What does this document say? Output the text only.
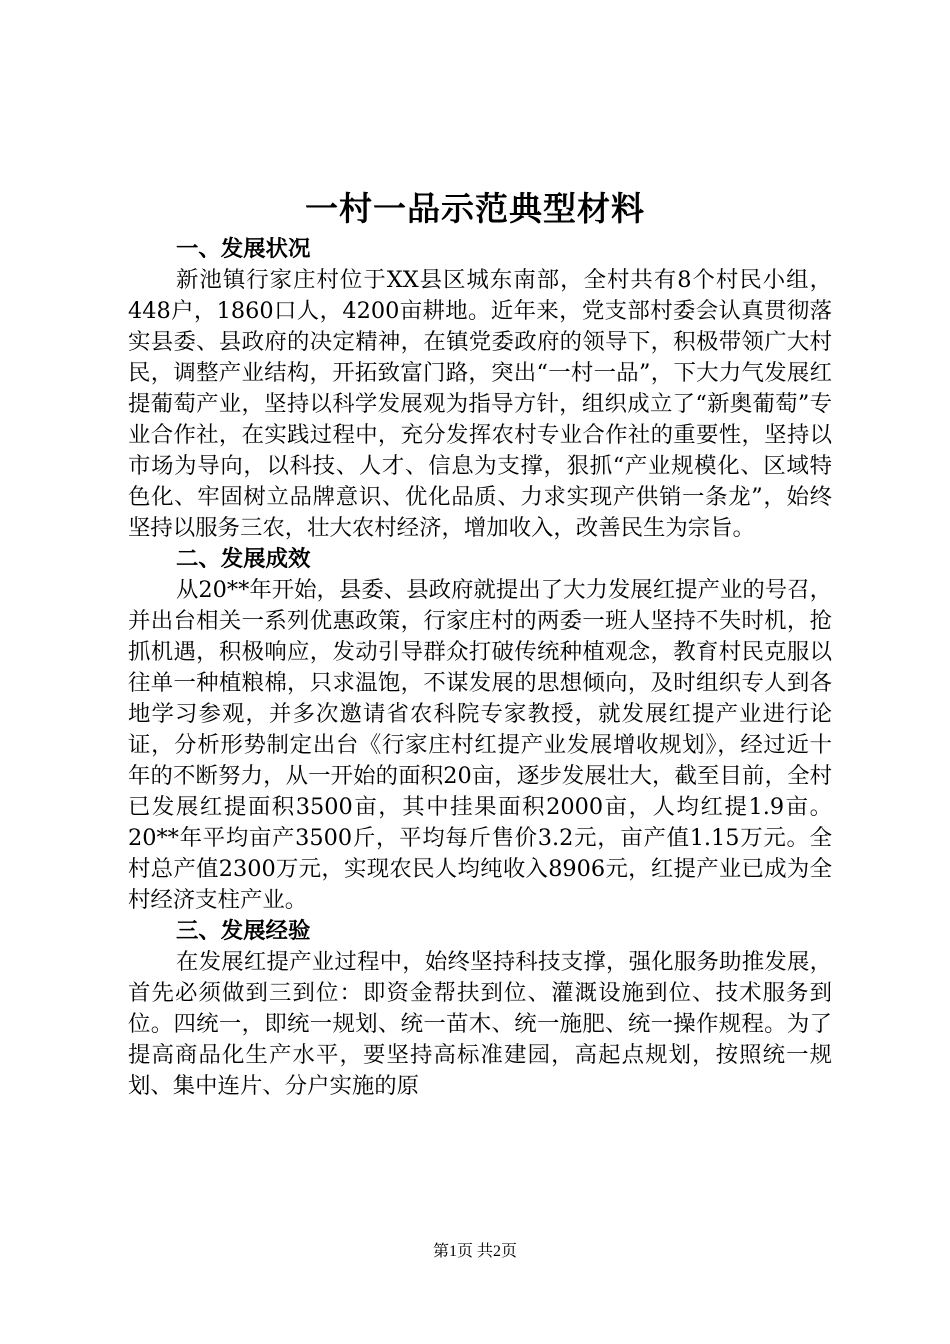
一村一品示范典型材料

一、发展状况

新池镇行家庄村位于XX县区城东南部，全村共有8个村民小组，448户，1860口人，4200亩耕地。近年来，党支部村委会认真贯彻落实县委、县政府的决定精神，在镇党委政府的领导下，积极带领广大村民，调整产业结构，开拓致富门路，突出“一村一品”，下大力气发展红提葡萄产业，坚持以科学发展观为指导方针，组织成立了“新奥葡萄”专业合作社，在实践过程中，充分发挥农村专业合作社的重要性，坚持以市场为导向，以科技、人才、信息为支撑，狠抓“产业规模化、区域特色化、牢固树立品牌意识、优化品质、力求实现产供销一条龙”，始终坚持以服务三农，壮大农村经济，增加收入，改善民生为宗旨。

二、发展成效

从20**年开始，县委、县政府就提出了大力发展红提产业的号召，并出台相关一系列优惠政策，行家庄村的两委一班人坚持不失时机，抢抓机遇，积极响应，发动引导群众打破传统种植观念，教育村民克服以往单一种植粮棉，只求温饱，不谋发展的思想倾向，及时组织专人到各地学习参观，并多次邀请省农科院专家教授，就发展红提产业进行论证，分析形势制定出台《行家庄村红提产业发展增收规划》，经过近十年的不断努力，从一开始的面积20亩，逐步发展壮大，截至目前，全村已发展红提面积3500亩，其中挂果面积2000亩，人均红提1.9亩。20**年平均亩产3500斤，平均每斤售价3.2元，亩产值1.15万元。全村总产值2300万元，实现农民人均纯收入8906元，红提产业已成为全村经济支柱产业。

三、发展经验

在发展红提产业过程中，始终坚持科技支撑，强化服务助推发展，首先必须做到三到位：即资金帮扶到位、灌溉设施到位、技术服务到位。四统一，即统一规划、统一苗木、统一施肥、统一操作规程。为了提高商品化生产水平，要坚持高标准建园，高起点规划，按照统一规划、集中连片、分户实施的原

第1页 共2页
